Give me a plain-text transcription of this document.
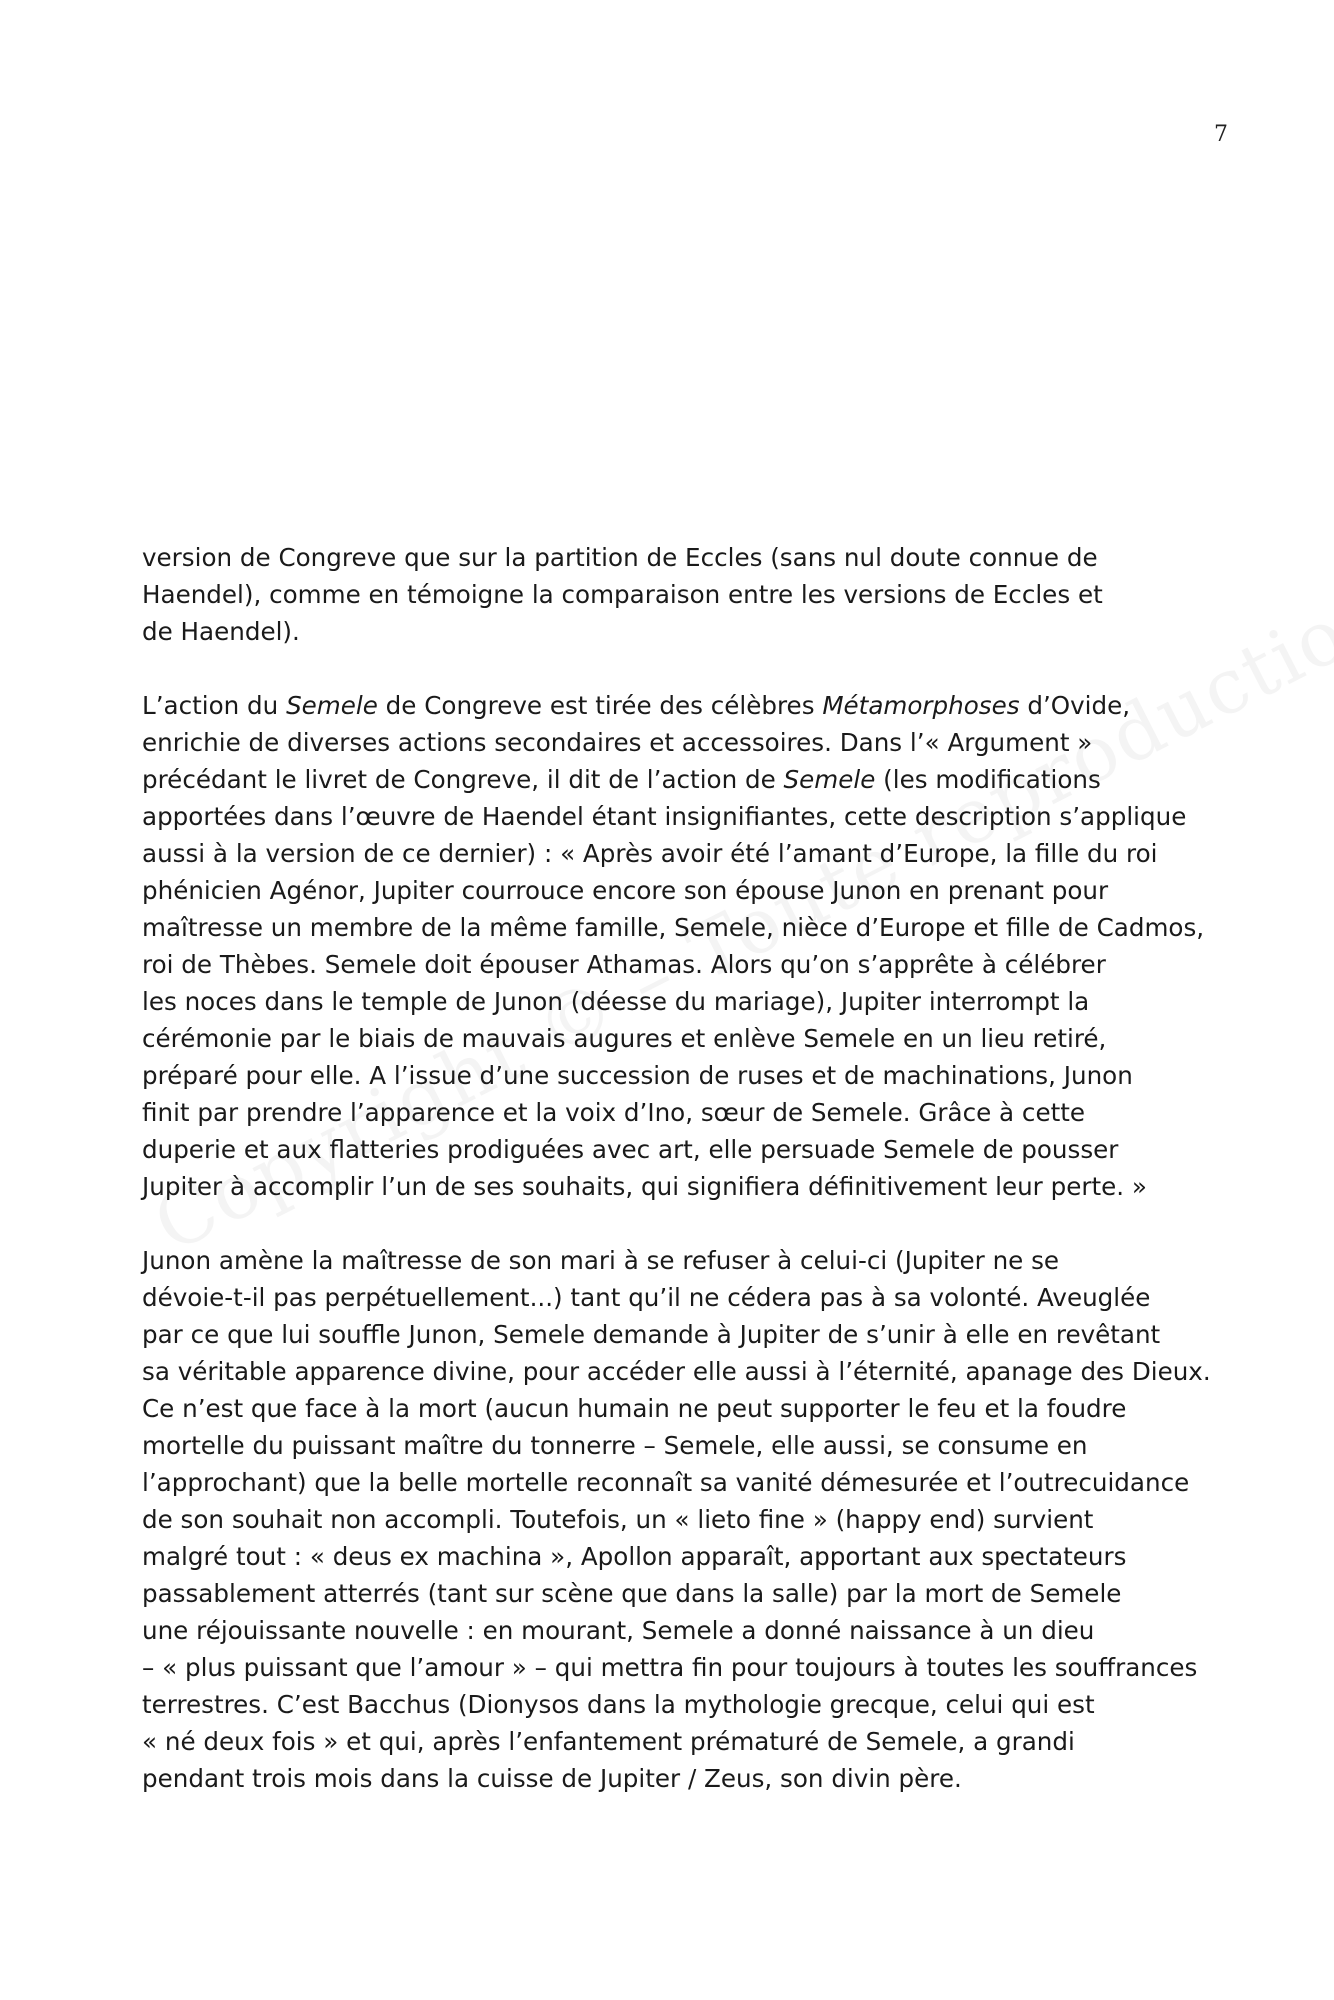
7
version de Congreve que sur la partition de Eccles (sans nul doute connue de
Haendel), comme en témoigne la comparaison entre les versions de Eccles et
de Haendel).
L’action du Semele de Congreve est tirée des célèbres Métamorphoses d’Ovide,
enrichie de diverses actions secondaires et accessoires. Dans l’« Argument »
précédant le livret de Congreve, il dit de l’action de Semele (les modifications
apportées dans l’œuvre de Haendel étant insignifiantes, cette description s’applique
aussi à la version de ce dernier) : « Après avoir été l’amant d’Europe, la fille du roi
phénicien Agénor, Jupiter courrouce encore son épouse Junon en prenant pour
maîtresse un membre de la même famille, Semele, nièce d’Europe et fille de Cadmos,
roi de Thèbes. Semele doit épouser Athamas. Alors qu’on s’apprête à célébrer
les noces dans le temple de Junon (déesse du mariage), Jupiter interrompt la
cérémonie par le biais de mauvais augures et enlève Semele en un lieu retiré,
préparé pour elle. A l’issue d’une succession de ruses et de machinations, Junon
finit par prendre l’apparence et la voix d’Ino, sœur de Semele. Grâce à cette
duperie et aux flatteries prodiguées avec art, elle persuade Semele de pousser
Jupiter à accomplir l’un de ses souhaits, qui signifiera définitivement leur perte. »
Junon amène la maîtresse de son mari à se refuser à celui-ci (Jupiter ne se
dévoie-t-il pas perpétuellement...) tant qu’il ne cédera pas à sa volonté. Aveuglée
par ce que lui souffle Junon, Semele demande à Jupiter de s’unir à elle en revêtant
sa véritable apparence divine, pour accéder elle aussi à l’éternité, apanage des Dieux.
Ce n’est que face à la mort (aucun humain ne peut supporter le feu et la foudre
mortelle du puissant maître du tonnerre – Semele, elle aussi, se consume en
l’approchant) que la belle mortelle reconnaît sa vanité démesurée et l’outrecuidance
de son souhait non accompli. Toutefois, un « lieto fine » (happy end) survient
malgré tout : « deus ex machina », Apollon apparaît, apportant aux spectateurs
passablement atterrés (tant sur scène que dans la salle) par la mort de Semele
une réjouissante nouvelle : en mourant, Semele a donné naissance à un dieu
– « plus puissant que l’amour » – qui mettra fin pour toujours à toutes les souffrances
terrestres. C’est Bacchus (Dionysos dans la mythologie grecque, celui qui est
« né deux fois » et qui, après l’enfantement prématuré de Semele, a grandi
pendant trois mois dans la cuisse de Jupiter / Zeus, son divin père.
